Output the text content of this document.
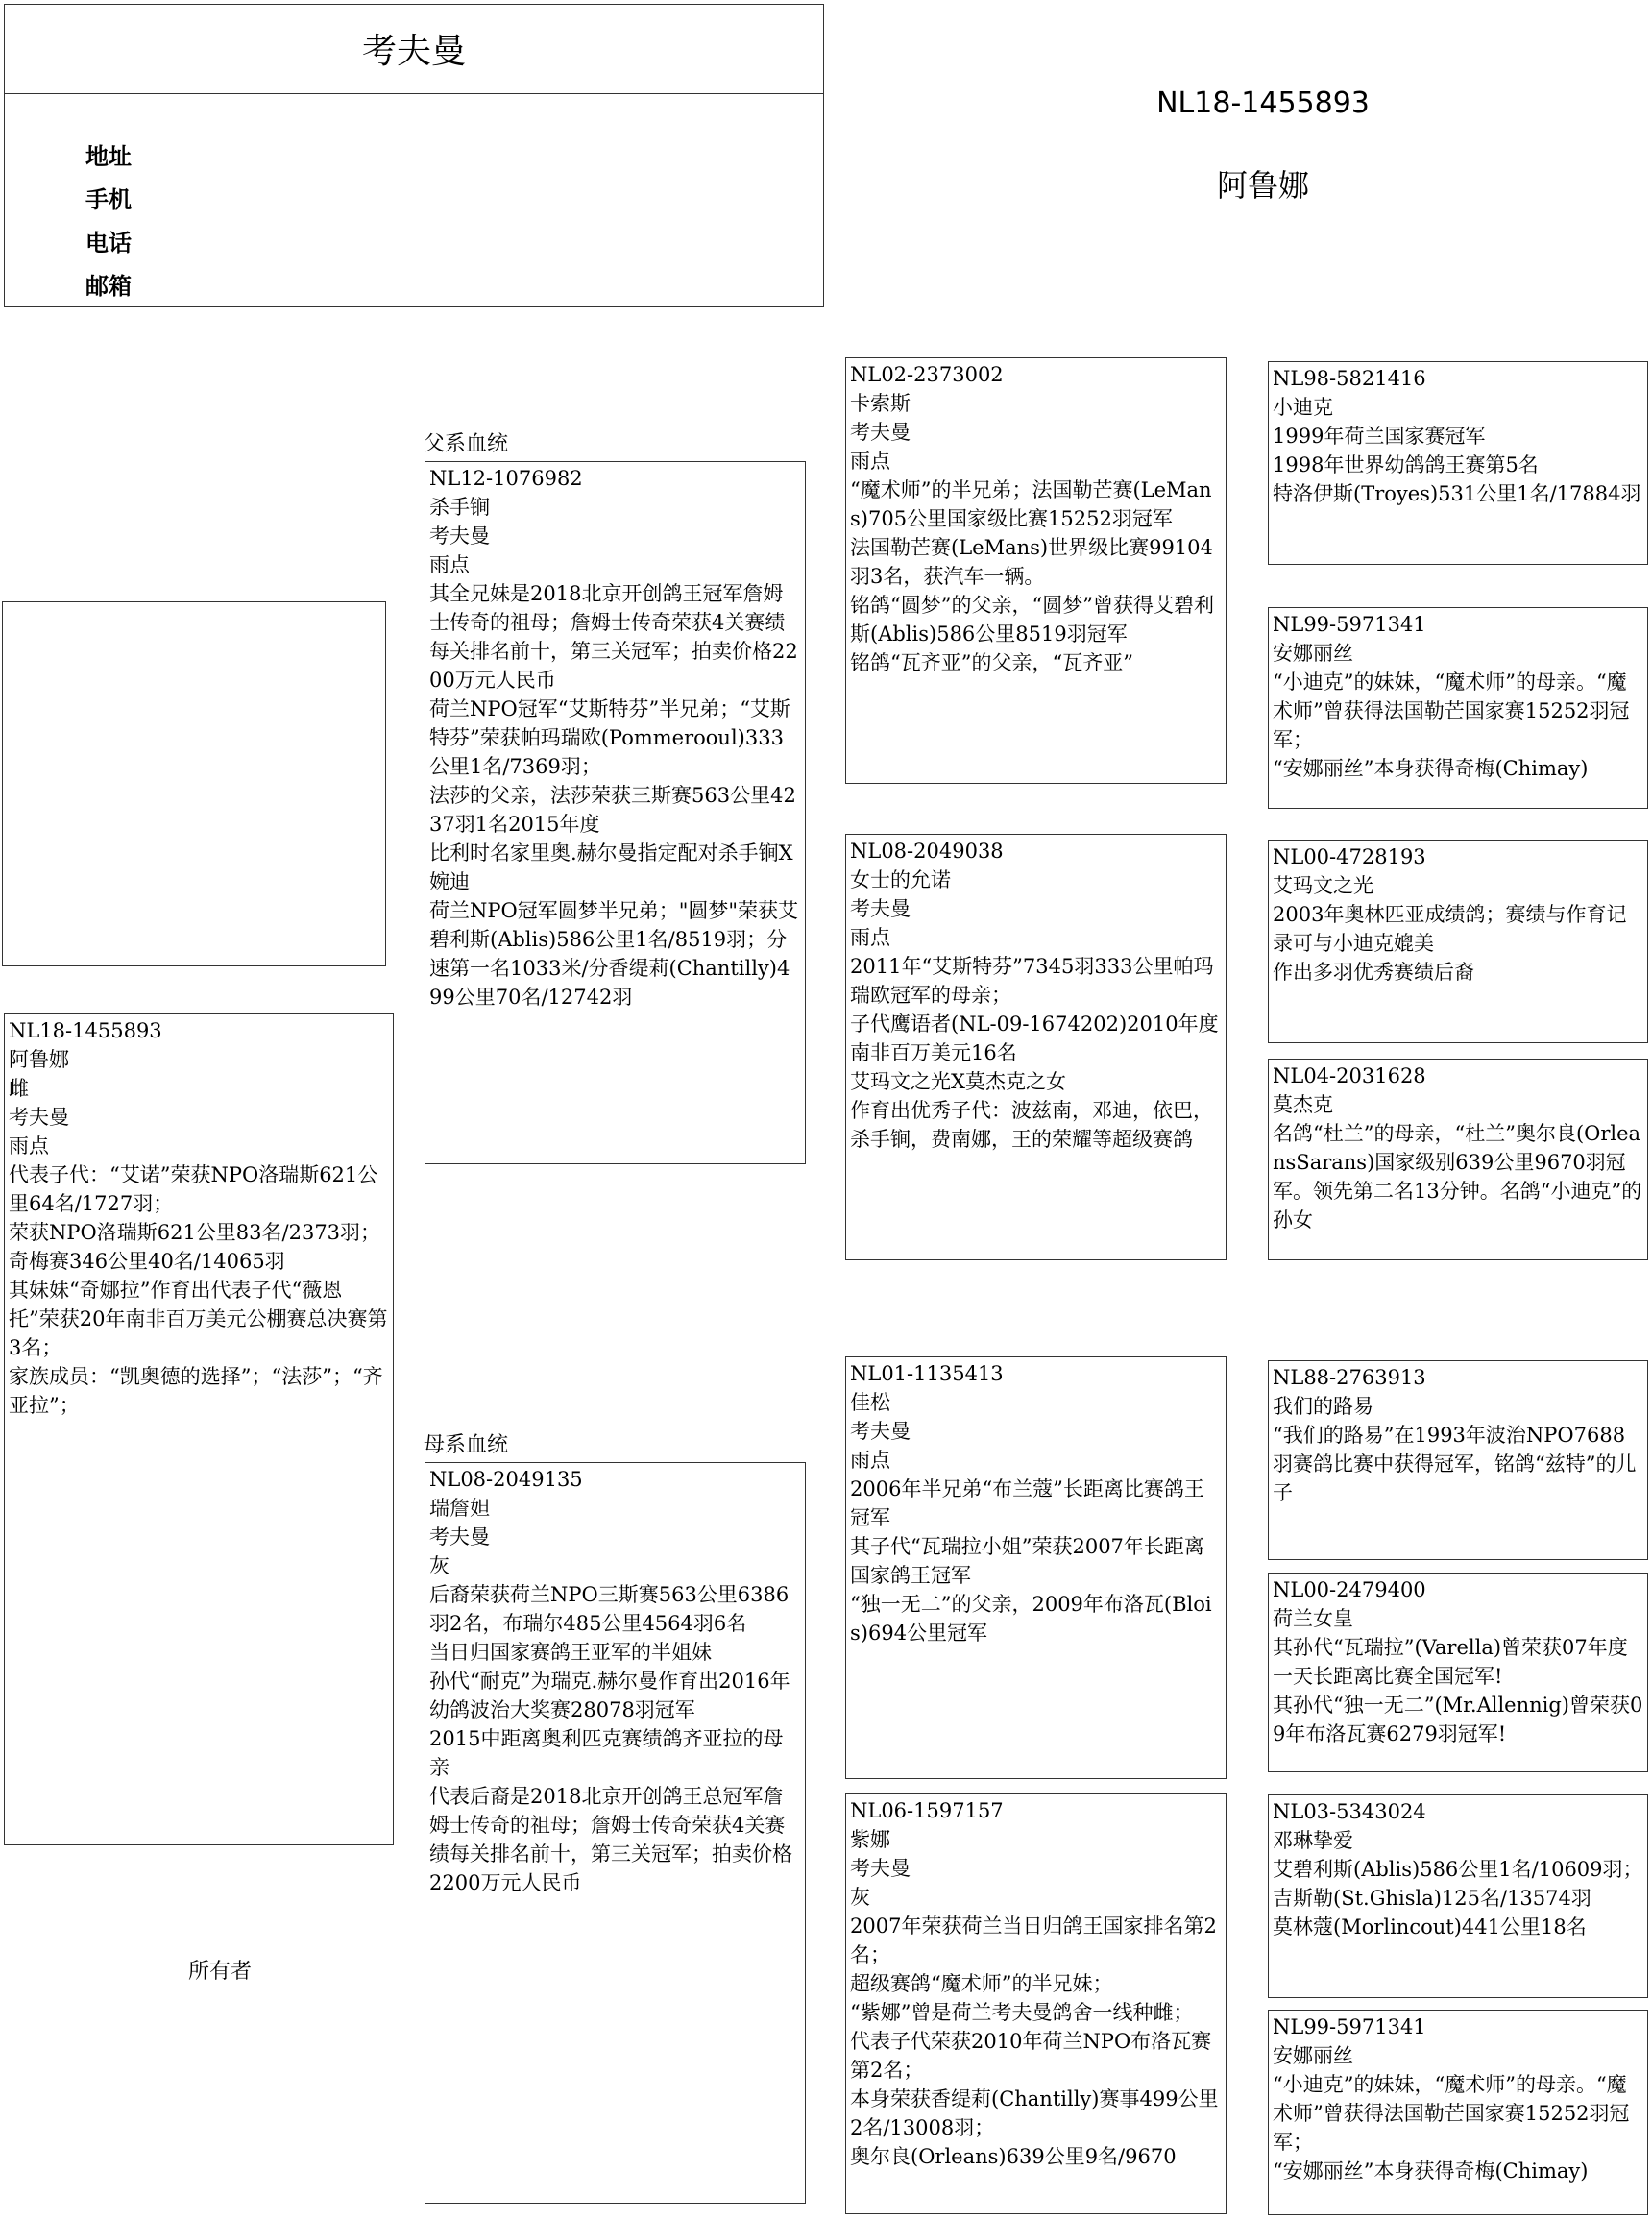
考夫曼
地址
手机
电话
邮箱
NL18-1455893
阿鲁娜
父系血统
母系血统
所有者
NL18-1455893
阿鲁娜
雌
考夫曼
雨点
代表子代：“艾诺”荣获NPO洛瑞斯621公里64名/1727羽；
荣获NPO洛瑞斯621公里83名/2373羽；
奇梅赛346公里40名/14065羽
其妹妹“奇娜拉”作育出代表子代“薇恩托”荣获20年南非百万美元公棚赛总决赛第3名；
家族成员：“凯奥德的选择”；“法莎”；“齐亚拉”；
NL12-1076982
杀手锏
考夫曼
雨点
其全兄妹是2018北京开创鸽王冠军詹姆士传奇的祖母；詹姆士传奇荣获4关赛绩每关排名前十，第三关冠军；拍卖价格2200万元人民币
荷兰NPO冠军“艾斯特芬”半兄弟；“艾斯特芬”荣获帕玛瑞欧(Pommerooul)333公里1名/7369羽；
法莎的父亲，法莎荣获三斯赛563公里4237羽1名2015年度
比利时名家里奥.赫尔曼指定配对杀手锏X婉迪
荷兰NPO冠军圆梦半兄弟；"圆梦"荣获艾碧利斯(Ablis)586公里1名/8519羽；分速第一名1033米/分香缇莉(Chantilly)499公里70名/12742羽
NL08-2049135
瑞詹妲
考夫曼
灰
后裔荣获荷兰NPO三斯赛563公里6386羽2名，布瑞尔485公里4564羽6名
当日归国家赛鸽王亚军的半姐妹
孙代“耐克”为瑞克.赫尔曼作育出2016年幼鸽波治大奖赛28078羽冠军
2015中距离奥利匹克赛绩鸽齐亚拉的母亲
代表后裔是2018北京开创鸽王总冠军詹姆士传奇的祖母；詹姆士传奇荣获4关赛绩每关排名前十，第三关冠军；拍卖价格2200万元人民币
NL02-2373002
卡索斯
考夫曼
雨点
“魔术师”的半兄弟；法国勒芒赛(LeMans)705公里国家级比赛15252羽冠军
法国勒芒赛(LeMans)世界级比赛99104羽3名，获汽车一辆。
铭鸽“圆梦”的父亲，“圆梦”曾获得艾碧利斯(Ablis)586公里8519羽冠军
铭鸽“瓦齐亚”的父亲，“瓦齐亚”
NL08-2049038
女士的允诺
考夫曼
雨点
2011年“艾斯特芬”7345羽333公里帕玛瑞欧冠军的母亲；
子代鹰语者(NL-09-1674202)2010年度南非百万美元16名
艾玛文之光X莫杰克之女
作育出优秀子代：波兹南，邓迪，依巴，杀手锏，费南娜，王的荣耀等超级赛鸽
NL01-1135413
佳松
考夫曼
雨点
2006年半兄弟“布兰蔻”长距离比赛鸽王冠军
其子代“瓦瑞拉小姐”荣获2007年长距离国家鸽王冠军
“独一无二”的父亲，2009年布洛瓦(Blois)694公里冠军
NL06-1597157
紫娜
考夫曼
灰
2007年荣获荷兰当日归鸽王国家排名第2名；
超级赛鸽“魔术师”的半兄妹；
“紫娜”曾是荷兰考夫曼鸽舍一线种雌；
代表子代荣获2010年荷兰NPO布洛瓦赛第2名；
本身荣获香缇莉(Chantilly)赛事499公里2名/13008羽；
奥尔良(Orleans)639公里9名/9670
NL98-5821416
小迪克
1999年荷兰国家赛冠军
1998年世界幼鸽鸽王赛第5名
特洛伊斯(Troyes)531公里1名/17884羽
NL99-5971341
安娜丽丝
“小迪克”的妹妹，“魔术师”的母亲。“魔术师”曾获得法国勒芒国家赛15252羽冠军；
“安娜丽丝”本身获得奇梅(Chimay)
NL00-4728193
艾玛文之光
2003年奥林匹亚成绩鸽；赛绩与作育记录可与小迪克媲美
作出多羽优秀赛绩后裔
NL04-2031628
莫杰克
名鸽“杜兰”的母亲，“杜兰”奥尔良(OrleansSarans)国家级别639公里9670羽冠军。领先第二名13分钟。名鸽“小迪克”的孙女
NL88-2763913
我们的路易
“我们的路易”在1993年波治NPO7688羽赛鸽比赛中获得冠军，铭鸽“兹特”的儿子
NL00-2479400
荷兰女皇
其孙代“瓦瑞拉”(Varella)曾荣获07年度一天长距离比赛全国冠军!
其孙代“独一无二”(Mr.Allennig)曾荣获09年布洛瓦赛6279羽冠军!
NL03-5343024
邓琳挚爱
艾碧利斯(Ablis)586公里1名/10609羽；
吉斯勒(St.Ghisla)125名/13574羽
莫林蔻(Morlincout)441公里18名
NL99-5971341
安娜丽丝
“小迪克”的妹妹，“魔术师”的母亲。“魔术师”曾获得法国勒芒国家赛15252羽冠军；
“安娜丽丝”本身获得奇梅(Chimay)
